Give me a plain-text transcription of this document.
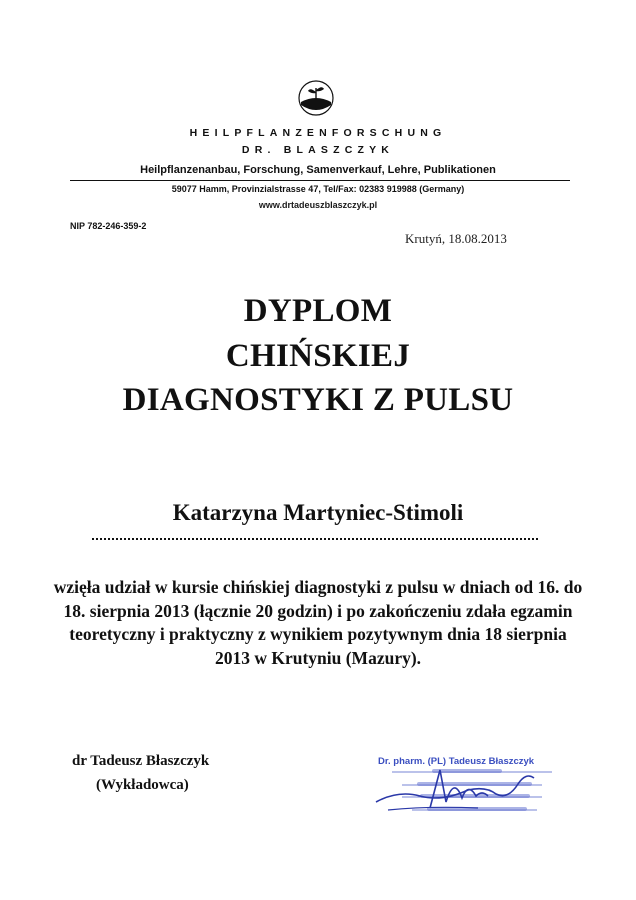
HEILPFLANZENFORSCHUNG
DR. BLASZCZYK
Heilpflanzenanbau, Forschung, Samenverkauf, Lehre, Publikationen
59077 Hamm, Provinzialstrasse 47, Tel/Fax: 02383 919988 (Germany)
www.drtadeuszblaszczyk.pl
NIP 782-246-359-2
Krutyń, 18.08.2013
DYPLOM
CHIŃSKIEJ
DIAGNOSTYKI Z PULSU
Katarzyna Martyniec-Stimoli
wzięła udział w kursie chińskiej diagnostyki z pulsu w dniach od 16. do 18. sierpnia 2013 (łącznie 20 godzin) i po zakończeniu zdała egzamin teoretyczny i praktyczny z wynikiem pozytywnym dnia 18 sierpnia 2013 w Krutyniu (Mazury).
dr Tadeusz Błaszczyk
(Wykładowca)
Dr. pharm. (PL) Tadeusz Błaszczyk
